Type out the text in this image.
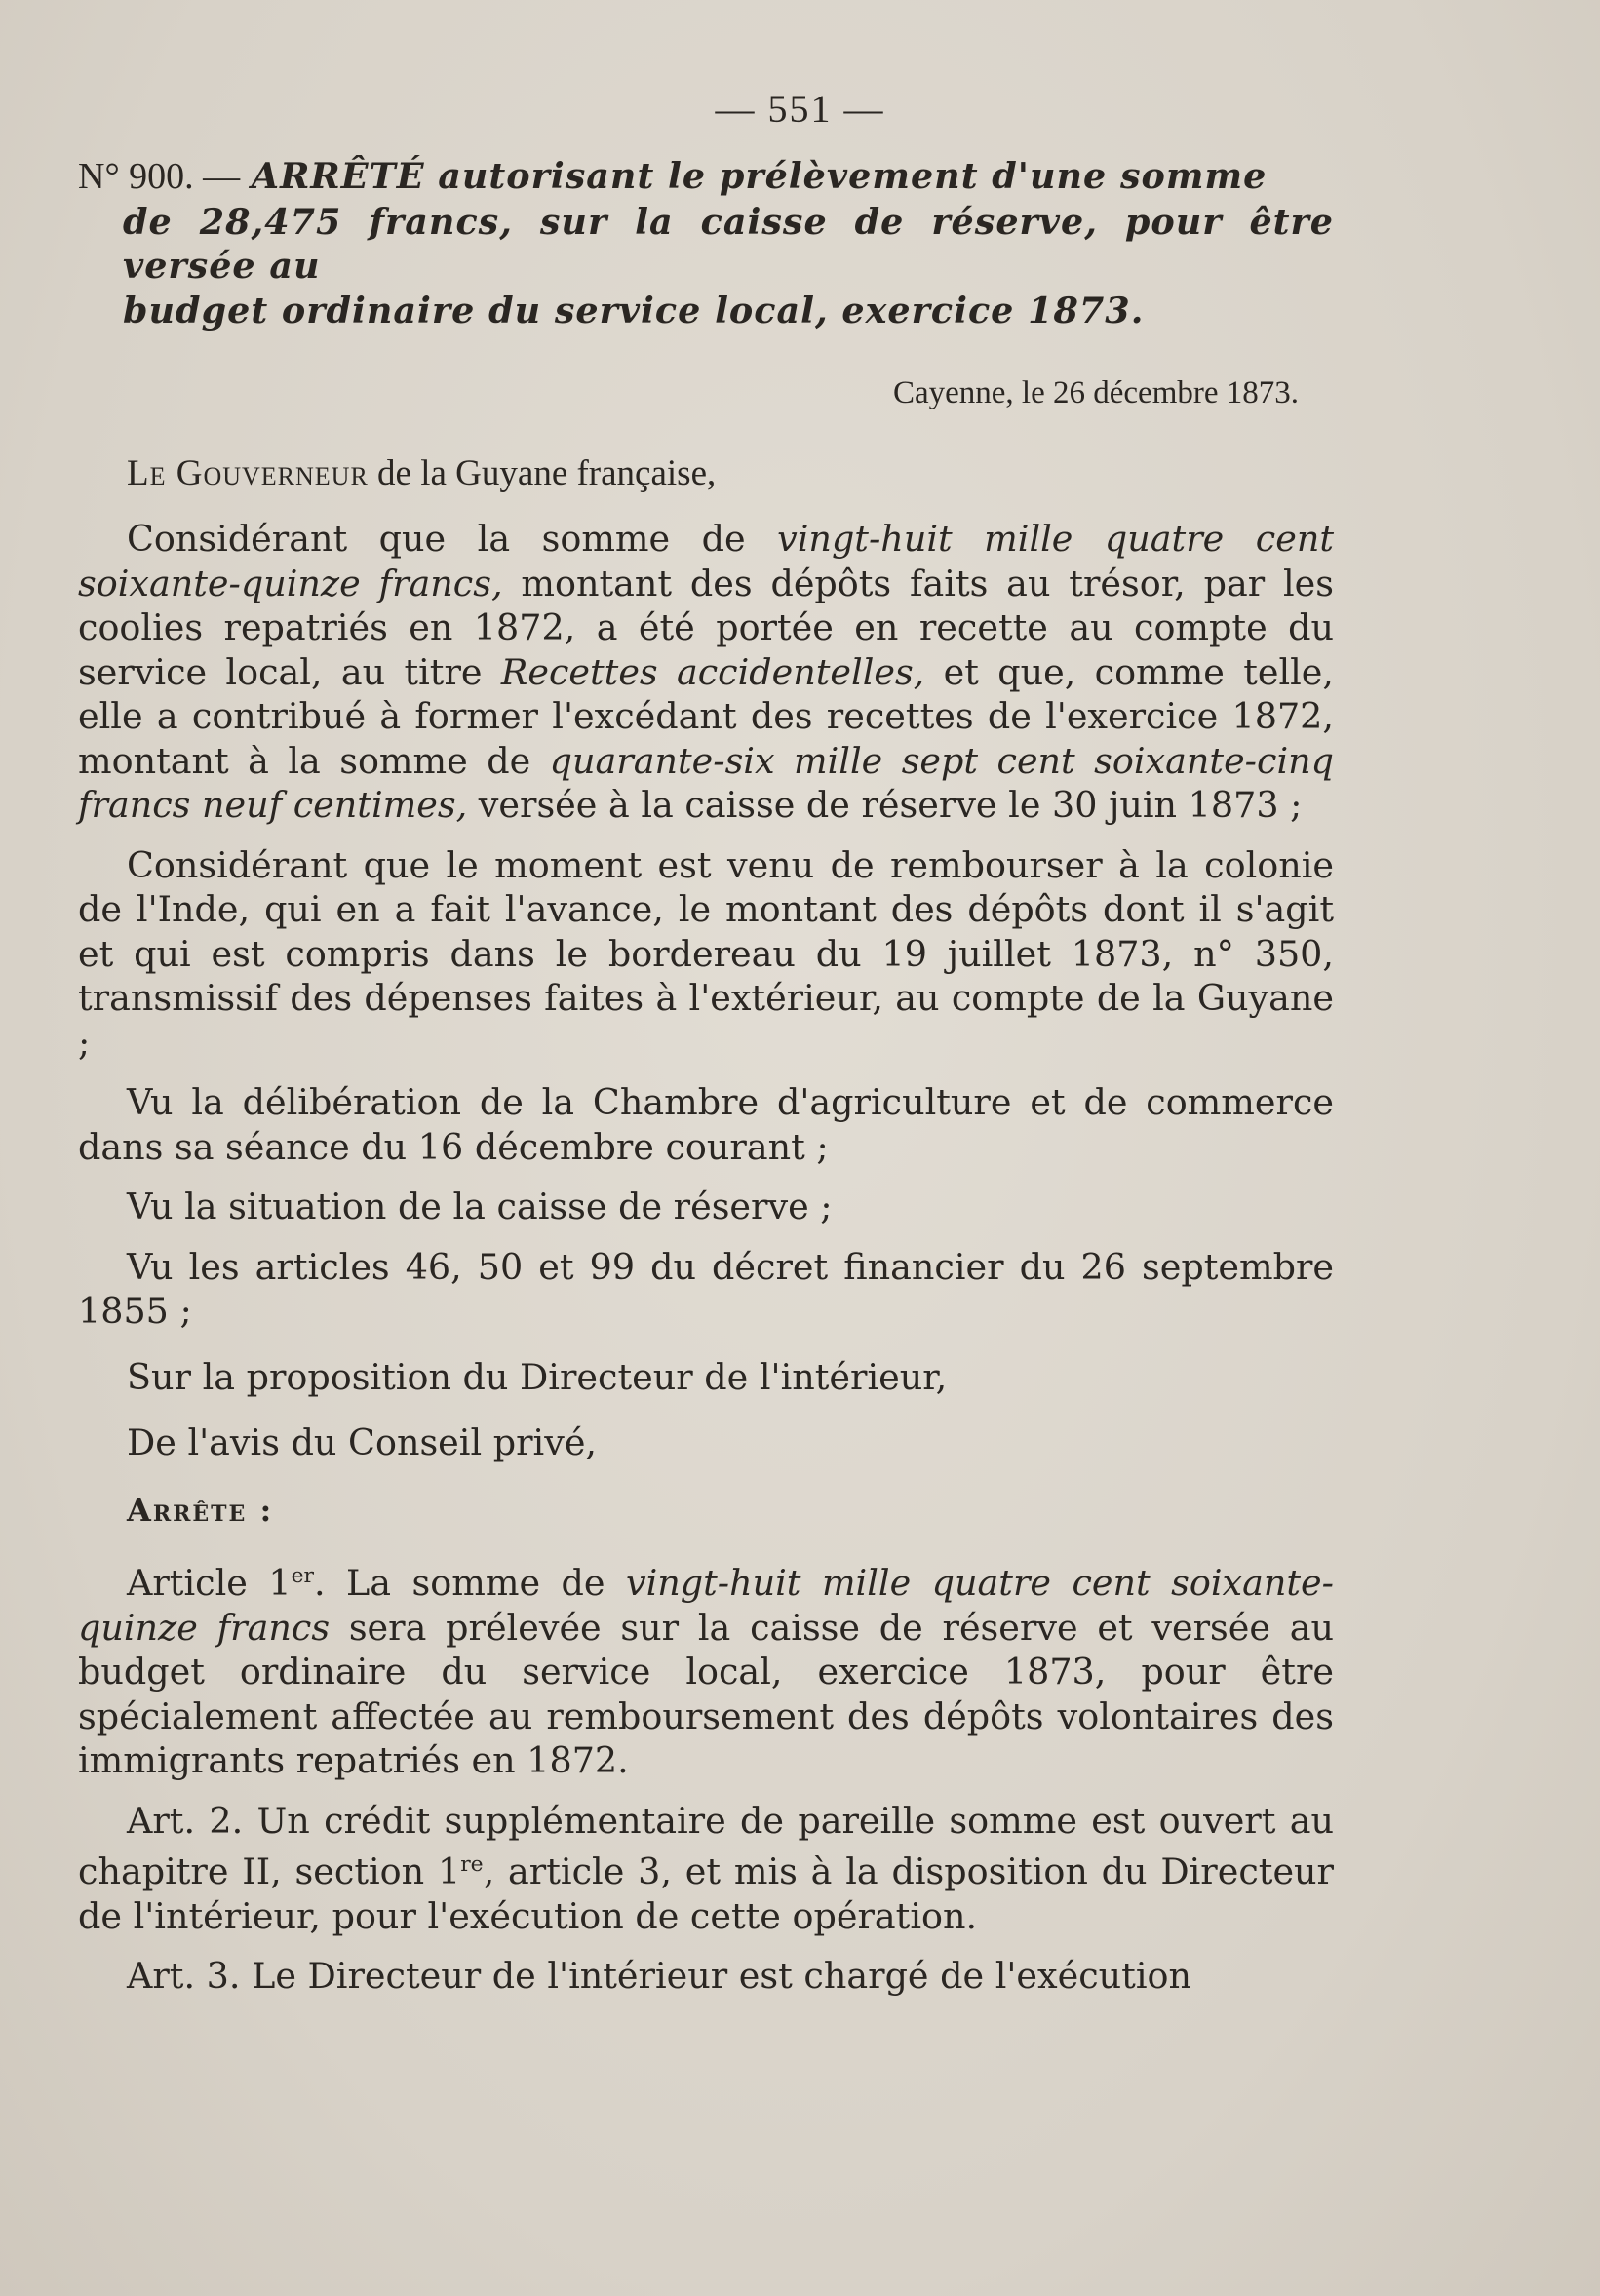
— 551 —
N° 900. — ARRÊTÉ autorisant le prélèvement d'une somme
de 28,475 francs, sur la caisse de réserve, pour être versée au
budget ordinaire du service local, exercice 1873.
Cayenne, le 26 décembre 1873.
Le Gouverneur de la Guyane française,

Considérant que la somme de vingt-huit mille quatre cent soixante-quinze francs, montant des dépôts faits au trésor, par les coolies repatriés en 1872, a été portée en recette au compte du service local, au titre Recettes accidentelles, et que, comme telle, elle a contribué à former l'excédant des recettes de l'exercice 1872, montant à la somme de quarante-six mille sept cent soixante-cinq francs neuf centimes, versée à la caisse de réserve le 30 juin 1873 ;

Considérant que le moment est venu de rembourser à la colonie de l'Inde, qui en a fait l'avance, le montant des dépôts dont il s'agit et qui est compris dans le bordereau du 19 juillet 1873, n° 350, transmissif des dépenses faites à l'extérieur, au compte de la Guyane ;

Vu la délibération de la Chambre d'agriculture et de commerce dans sa séance du 16 décembre courant ;

Vu la situation de la caisse de réserve ;

Vu les articles 46, 50 et 99 du décret financier du 26 septembre 1855 ;

Sur la proposition du Directeur de l'intérieur,

De l'avis du Conseil privé,

Arrête :

Article 1er. La somme de vingt-huit mille quatre cent soixante-quinze francs sera prélevée sur la caisse de réserve et versée au budget ordinaire du service local, exercice 1873, pour être spécialement affectée au remboursement des dépôts volontaires des immigrants repatriés en 1872.

Art. 2. Un crédit supplémentaire de pareille somme est ouvert au chapitre II, section 1re, article 3, et mis à la disposition du Directeur de l'intérieur, pour l'exécution de cette opération.

Art. 3. Le Directeur de l'intérieur est chargé de l'exécution
